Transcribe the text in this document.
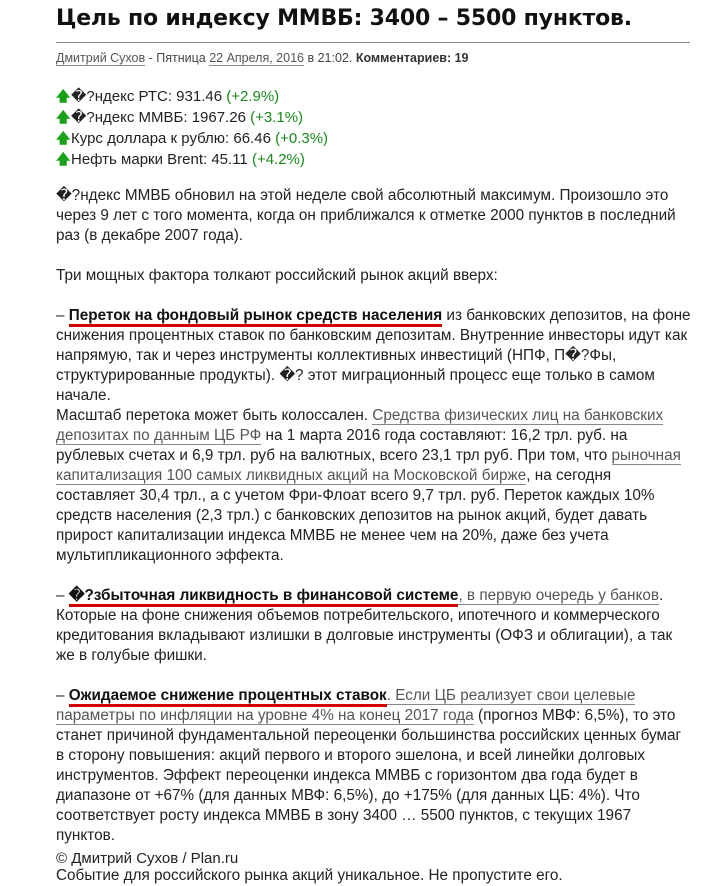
Цель по индексу ММВБ: 3400 – 5500 пунктов.
Дмитрий Сухов - Пятница 22 Апреля, 2016 в 21:02. Комментариев: 19
🡅�?ндекс РТС: 931.46 (+2.9%)
🡅�?ндекс ММВБ: 1967.26 (+3.1%)
🡅Курс доллара к рублю: 66.46 (+0.3%)
🡅Нефть марки Brent: 45.11 (+4.2%)

�?ндекс ММВБ обновил на этой неделе свой абсолютный максимум. Произошло это через 9 лет с того момента, когда он приближался к отметке 2000 пунктов в последний раз (в декабре 2007 года).

Три мощных фактора толкают российский рынок акций вверх:

– Переток на фондовый рынок средств населения из банковских депозитов, на фоне снижения процентных ставок по банковским депозитам. Внутренние инвесторы идут как напрямую, так и через инструменты коллективных инвестиций (НПФ, П�?Фы, структурированные продукты). �? этот миграционный процесс еще только в самом начале.

Масштаб перетока может быть колоссален. Средства физических лиц на банковских депозитах по данным ЦБ РФ на 1 марта 2016 года составляют: 16,2 трл. руб. на рублевых счетах и 6,9 трл. руб на валютных, всего 23,1 трл руб. При том, что рыночная капитализация 100 самых ликвидных акций на Московской бирже, на сегодня составляет 30,4 трл., а с учетом Фри-Флоат всего 9,7 трл. руб. Переток каждых 10% средств населения (2,3 трл.) с банковских депозитов на рынок акций, будет давать прирост капитализации индекса ММВБ не менее чем на 20%, даже без учета мультипликационного эффекта.

– �?збыточная ликвидность в финансовой системе, в первую очередь у банков. Которые на фоне снижения объемов потребительского, ипотечного и коммерческого кредитования вкладывают излишки в долговые инструменты (ОФЗ и облигации), а так же в голубые фишки.

– Ожидаемое снижение процентных ставок. Если ЦБ реализует свои целевые параметры по инфляции на уровне 4% на конец 2017 года (прогноз МВФ: 6,5%), то это станет причиной фундаментальной переоценки большинства российских ценных бумаг в сторону повышения: акций первого и второго эшелона, и всей линейки долговых инструментов. Эффект переоценки индекса ММВБ с горизонтом два года будет в диапазоне от +67% (для данных МВФ: 6,5%), до +175% (для данных ЦБ: 4%). Что соответствует росту индекса ММВБ в зону 3400 … 5500 пунктов, с текущих 1967 пунктов.

Событие для российского рынка акций уникальное. Не пропустите его.

© Дмитрий Сухов / Plan.ru
